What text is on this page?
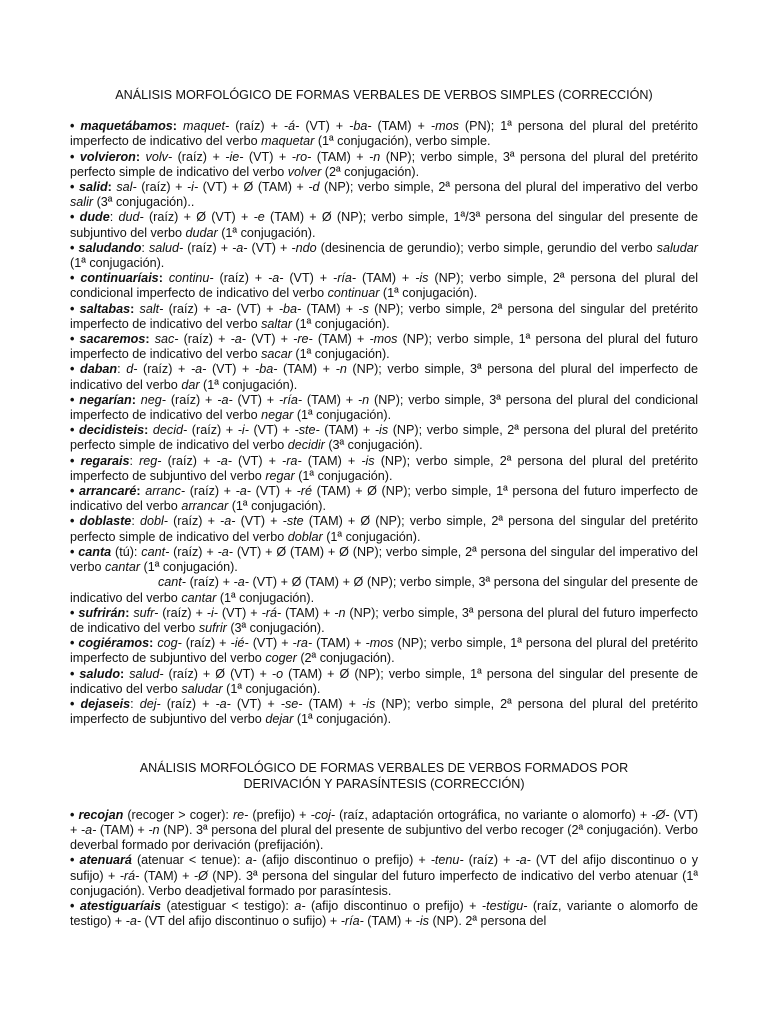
ANÁLISIS MORFOLÓGICO DE FORMAS VERBALES DE VERBOS SIMPLES (CORRECCIÓN)

• maquetábamos: maquet- (raíz) + -á- (VT) + -ba- (TAM) + -mos (PN); 1ª persona del plural del pretérito imperfecto de indicativo del verbo maquetar (1ª conjugación), verbo simple.

• volvieron: volv- (raíz) + -ie- (VT) + -ro- (TAM) + -n (NP); verbo simple, 3ª persona del plural del pretérito perfecto simple de indicativo del verbo volver (2ª conjugación).

• salid: sal- (raíz) + -i- (VT) + Ø (TAM) + -d (NP); verbo simple, 2ª persona del plural del imperativo del verbo salir (3ª conjugación)..

• dude: dud- (raíz) + Ø (VT) + -e (TAM) + Ø (NP); verbo simple, 1ª/3ª persona del singular del presente de subjuntivo del verbo dudar (1ª conjugación).

• saludando: salud- (raíz) + -a- (VT) + -ndo (desinencia de gerundio); verbo simple, gerundio del verbo saludar (1ª conjugación).

• continuaríais: continu- (raíz) + -a- (VT) + -ría- (TAM) + -is (NP); verbo simple, 2ª persona del plural del condicional imperfecto de indicativo del verbo continuar (1ª conjugación).

• saltabas: salt- (raíz) + -a- (VT) + -ba- (TAM) + -s (NP); verbo simple, 2ª persona del singular del pretérito imperfecto de indicativo del verbo saltar (1ª conjugación).

• sacaremos: sac- (raíz) + -a- (VT) + -re- (TAM) + -mos (NP); verbo simple, 1ª persona del plural del futuro imperfecto de indicativo del verbo sacar (1ª conjugación).

• daban: d- (raíz) + -a- (VT) + -ba- (TAM) + -n (NP); verbo simple, 3ª persona del plural del imperfecto de indicativo del verbo dar (1ª conjugación).

• negarían: neg- (raíz) + -a- (VT) + -ría- (TAM) + -n (NP); verbo simple, 3ª persona del plural del condicional imperfecto de indicativo del verbo negar (1ª conjugación).

• decidisteis: decid- (raíz) + -i- (VT) + -ste- (TAM) + -is (NP); verbo simple, 2ª persona del plural del pretérito perfecto simple de indicativo del verbo decidir (3ª conjugación).

• regarais: reg- (raíz) + -a- (VT) + -ra- (TAM) + -is (NP); verbo simple, 2ª persona del plural del pretérito imperfecto de subjuntivo del verbo regar (1ª conjugación).

• arrancaré: arranc- (raíz) + -a- (VT) + -ré (TAM) + Ø (NP); verbo simple, 1ª persona del futuro imperfecto de indicativo del verbo arrancar (1ª conjugación).

• doblaste: dobl- (raíz) + -a- (VT) + -ste (TAM) + Ø (NP); verbo simple, 2ª persona del singular del pretérito perfecto simple de indicativo del verbo doblar (1ª conjugación).

• canta (tú): cant- (raíz) + -a- (VT) + Ø (TAM) + Ø (NP); verbo simple, 2ª persona del singular del imperativo del verbo cantar (1ª conjugación).

cant- (raíz) + -a- (VT) + Ø (TAM) + Ø (NP); verbo simple, 3ª persona del singular del presente de indicativo del verbo cantar (1ª conjugación).

• sufrirán: sufr- (raíz) + -i- (VT) + -rá- (TAM) + -n (NP); verbo simple, 3ª persona del plural del futuro imperfecto de indicativo del verbo sufrir (3ª conjugación).

• cogiéramos: cog- (raíz) + -ié- (VT) + -ra- (TAM) + -mos (NP); verbo simple, 1ª persona del plural del pretérito imperfecto de subjuntivo del verbo coger (2ª conjugación).

• saludo: salud- (raíz) + Ø (VT) + -o (TAM) + Ø (NP); verbo simple, 1ª persona del singular del presente de indicativo del verbo saludar (1ª conjugación).

• dejaseis: dej- (raíz) + -a- (VT) + -se- (TAM) + -is (NP); verbo simple, 2ª persona del plural del pretérito imperfecto de subjuntivo del verbo dejar (1ª conjugación).

ANÁLISIS MORFOLÓGICO DE FORMAS VERBALES DE VERBOS FORMADOS POR
DERIVACIÓN Y PARASÍNTESIS (CORRECCIÓN)

• recojan (recoger > coger): re- (prefijo) + -coj- (raíz, adaptación ortográfica, no variante o alomorfo) + -Ø- (VT) + -a- (TAM) + -n (NP). 3ª persona del plural del presente de subjuntivo del verbo recoger (2ª conjugación). Verbo deverbal formado por derivación (prefijación).

• atenuará (atenuar < tenue): a- (afijo discontinuo o prefijo) + -tenu- (raíz) + -a- (VT del afijo discontinuo o y sufijo) + -rá- (TAM) + -Ø (NP). 3ª persona del singular del futuro imperfecto de indicativo del verbo atenuar (1ª conjugación). Verbo deadjetival formado por parasíntesis.

• atestiguaríais (atestiguar < testigo): a- (afijo discontinuo o prefijo) + -testigu- (raíz, variante o alomorfo de testigo) + -a- (VT del afijo discontinuo o sufijo) + -ría- (TAM) + -is (NP). 2ª persona del
